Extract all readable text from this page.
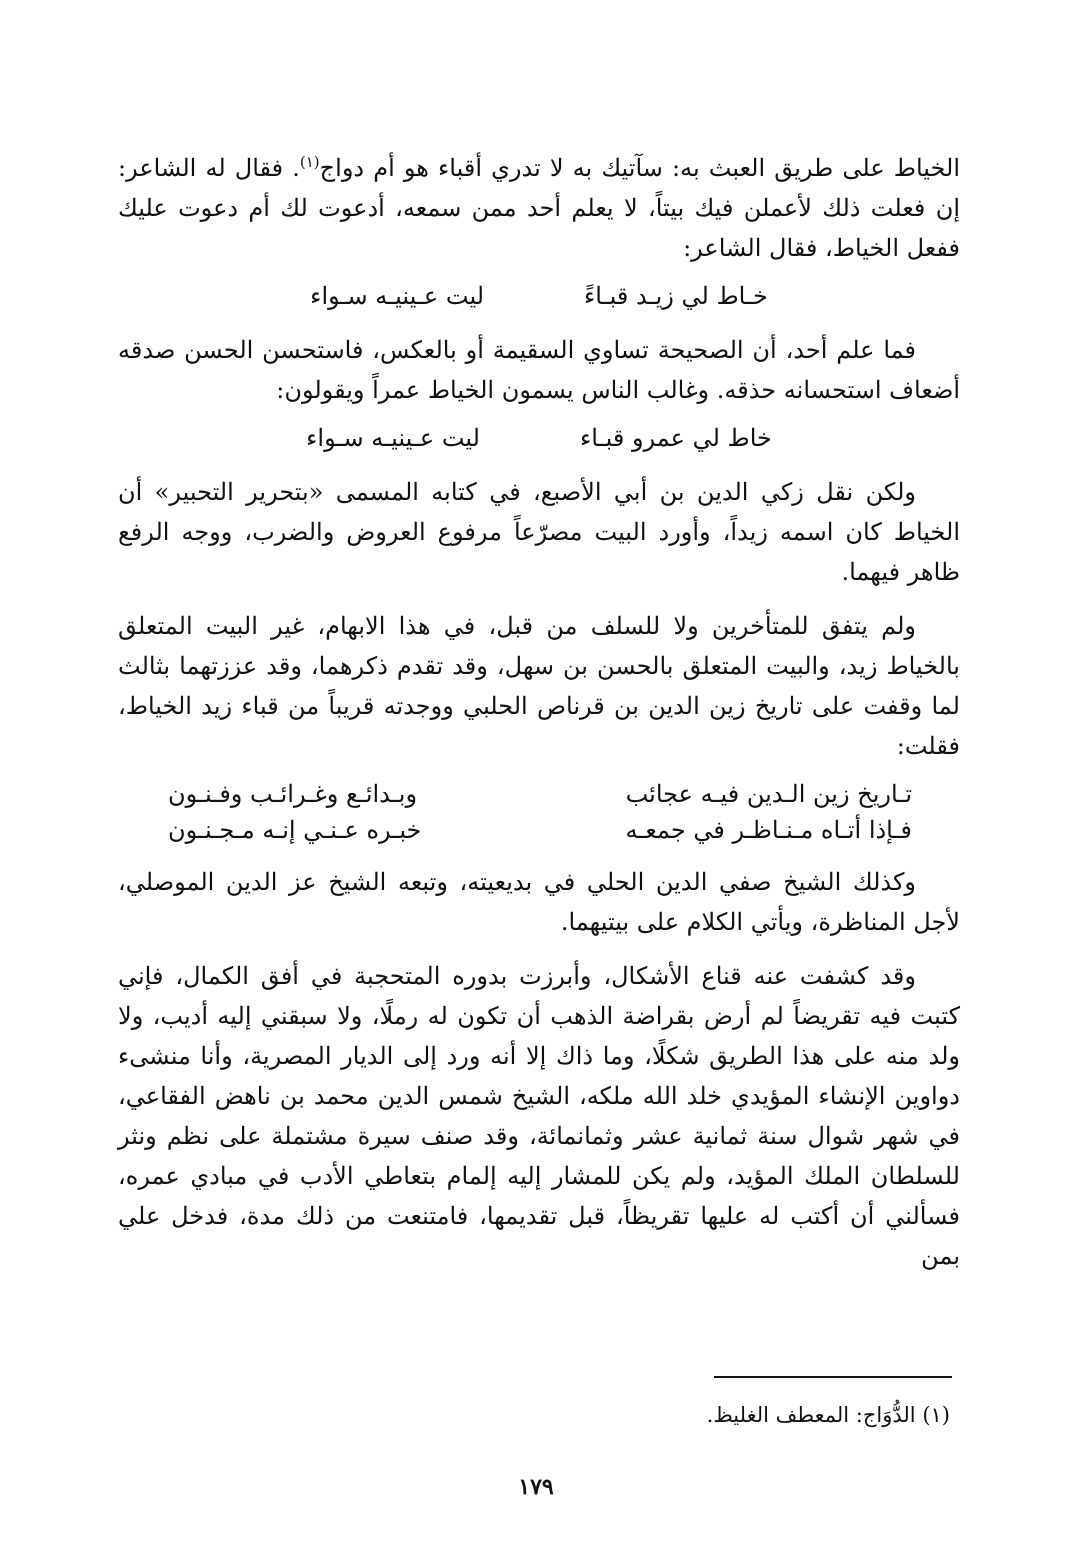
الخياط على طريق العبث به: سآتيك به لا تدري أقباء هو أم دواج$^{(١)}$. فقال له الشاعر: إن فعلت ذلك لأعملن فيك بيتاً، لا يعلم أحد ممن سمعه، أدعوت لك أم دعوت عليك ففعل الخياط، فقال الشاعر:

خـاط لي زيـد قبـاءً
ليت عـينيـه سـواء

فما علم أحد، أن الصحيحة تساوي السقيمة أو بالعكس، فاستحسن الحسن صدقه أضعاف استحسانه حذقه. وغالب الناس يسمون الخياط عمراً ويقولون:

خاط لي عمرو قبـاء
ليت عـينيـه سـواء

ولكن نقل زكي الدين بن أبي الأصبع، في كتابه المسمى «بتحرير التحبير» أن الخياط كان اسمه زيداً، وأورد البيت مصرّعاً مرفوع العروض والضرب، ووجه الرفع ظاهر فيهما.

ولم يتفق للمتأخرين ولا للسلف من قبل، في هذا الابهام، غير البيت المتعلق بالخياط زيد، والبيت المتعلق بالحسن بن سهل، وقد تقدم ذكرهما، وقد عززتهما بثالث لما وقفت على تاريخ زين الدين بن قرناص الحلبي ووجدته قريباً من قباء زيد الخياط، فقلت:

تـاريخ زين الـدين فيـه عجائب
وبـدائـع وغـرائـب وفـنـون
فـإذا أتـاه مـنـاظـر في جمعـه
خبـره عـنـي إنـه مـجـنـون

وكذلك الشيخ صفي الدين الحلي في بديعيته، وتبعه الشيخ عز الدين الموصلي، لأجل المناظرة، ويأتي الكلام على بيتيهما.

وقد كشفت عنه قناع الأشكال، وأبرزت بدوره المتحجبة في أفق الكمال، فإني كتبت فيه تقريضاً لم أرض بقراضة الذهب أن تكون له رملًا، ولا سبقني إليه أديب، ولا ولد منه على هذا الطريق شكلًا، وما ذاك إلا أنه ورد إلى الديار المصرية، وأنا منشىء دواوين الإنشاء المؤيدي خلد الله ملكه، الشيخ شمس الدين محمد بن ناهض الفقاعي، في شهر شوال سنة ثمانية عشر وثمانمائة، وقد صنف سيرة مشتملة على نظم ونثر للسلطان الملك المؤيد، ولم يكن للمشار إليه إلمام بتعاطي الأدب في مبادي عمره، فسألني أن أكتب له عليها تقريظاً، قبل تقديمها، فامتنعت من ذلك مدة، فدخل علي بمن

(١) الدُّوَاج: المعطف الغليظ.
١٧٩
